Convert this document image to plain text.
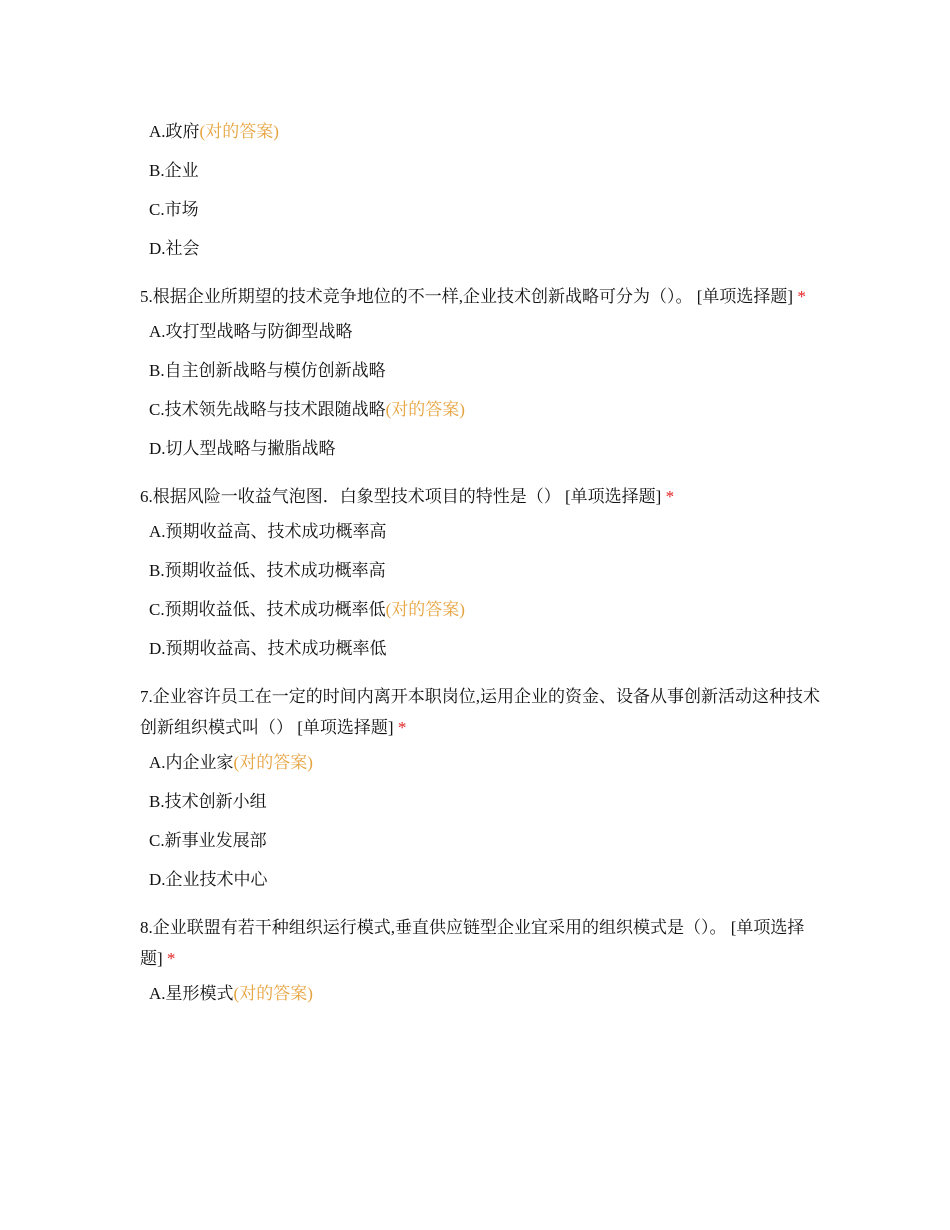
A.政府(对的答案)
B.企业
C.市场
D.社会
5.根据企业所期望的技术竞争地位的不一样,企业技术创新战略可分为（）。 [单项选择题] *
A.攻打型战略与防御型战略
B.自主创新战略与模仿创新战略
C.技术领先战略与技术跟随战略(对的答案)
D.切人型战略与撇脂战略
6.根据风险一收益气泡图．白象型技术项目的特性是（） [单项选择题] *
A.预期收益高、技术成功概率高
B.预期收益低、技术成功概率高
C.预期收益低、技术成功概率低(对的答案)
D.预期收益高、技术成功概率低
7.企业容许员工在一定的时间内离开本职岗位,运用企业的资金、设备从事创新活动这种技术创新组织模式叫（） [单项选择题] *
A.内企业家(对的答案)
B.技术创新小组
C.新事业发展部
D.企业技术中心
8.企业联盟有若干种组织运行模式,垂直供应链型企业宜采用的组织模式是（）。 [单项选择题] *
A.星形模式(对的答案)
